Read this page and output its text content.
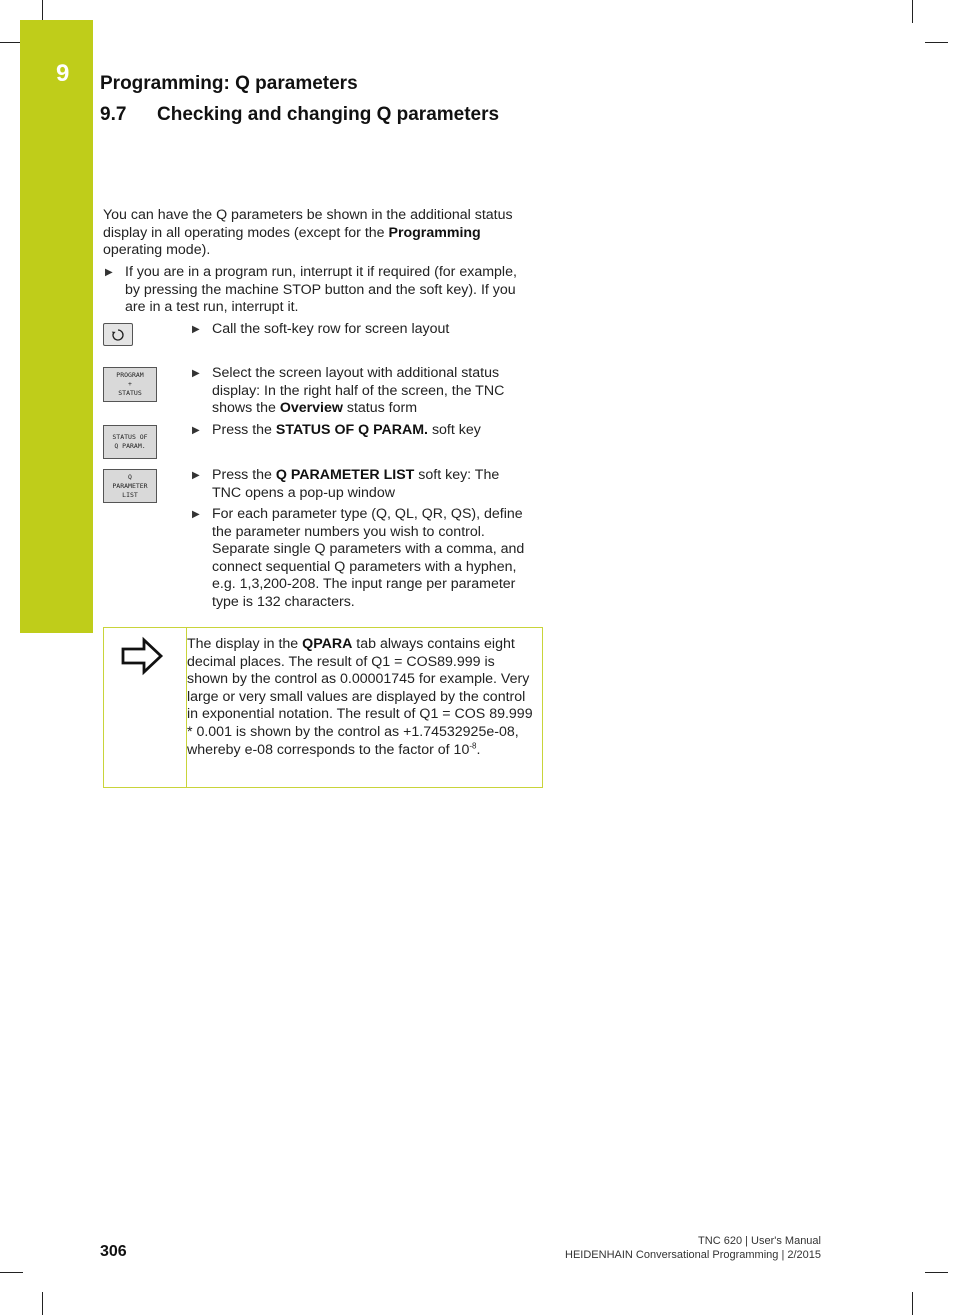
9 Programming: Q parameters
9.7 Checking and changing Q parameters
You can have the Q parameters be shown in the additional status display in all operating modes (except for the Programming operating mode).
▶ If you are in a program run, interrupt it if required (for example, by pressing the machine STOP button and the soft key). If you are in a test run, interrupt it.
▶ Call the soft-key row for screen layout
PROGRAM
+
STATUS
▶ Select the screen layout with additional status display: In the right half of the screen, the TNC shows the Overview status form
STATUS OF
Q PARAM.
▶ Press the STATUS OF Q PARAM. soft key
Q
PARAMETER
LIST
▶ Press the Q PARAMETER LIST soft key: The TNC opens a pop-up window
▶ For each parameter type (Q, QL, QR, QS), define the parameter numbers you wish to control. Separate single Q parameters with a comma, and connect sequential Q parameters with a hyphen, e.g. 1,3,200-208. The input range per parameter type is 132 characters.
The display in the QPARA tab always contains eight decimal places. The result of Q1 = COS89.999 is shown by the control as 0.00001745 for example. Very large or very small values are displayed by the control in exponential notation. The result of Q1 = COS 89.999 * 0.001 is shown by the control as +1.74532925e-08, whereby e-08 corresponds to the factor of $10^{-8}$.
306
TNC 620 | User's Manual
HEIDENHAIN Conversational Programming | 2/2015
